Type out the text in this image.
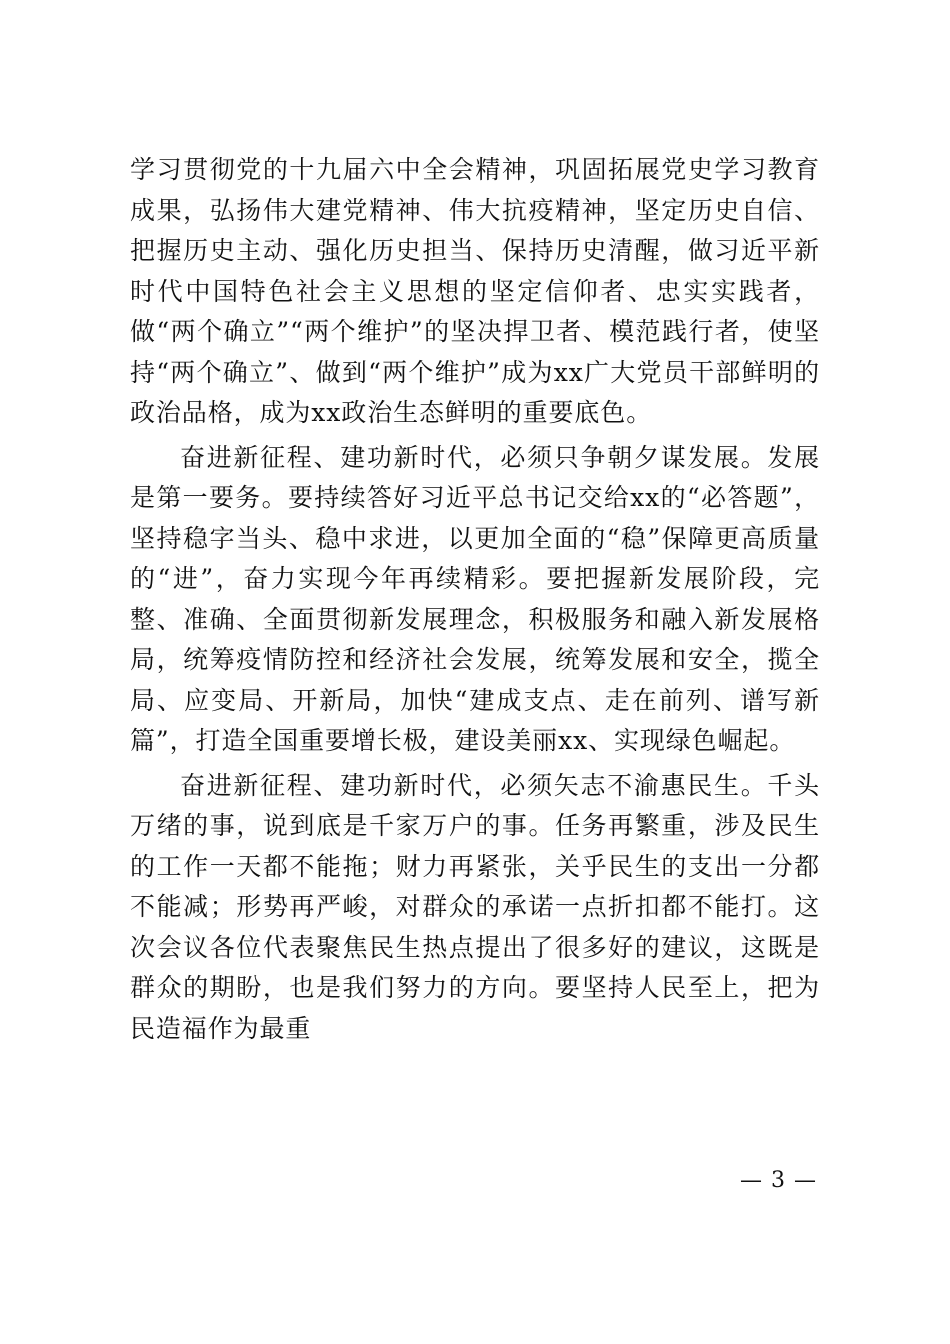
学习贯彻党的十九届六中全会精神，巩固拓展党史学习教育成果，弘扬伟大建党精神、伟大抗疫精神，坚定历史自信、把握历史主动、强化历史担当、保持历史清醒，做习近平新时代中国特色社会主义思想的坚定信仰者、忠实实践者，做“两个确立”“两个维护”的坚决捍卫者、模范践行者，使坚持“两个确立”、做到“两个维护”成为xx广大党员干部鲜明的政治品格，成为xx政治生态鲜明的重要底色。

奋进新征程、建功新时代，必须只争朝夕谋发展。发展是第一要务。要持续答好习近平总书记交给xx的“必答题”，坚持稳字当头、稳中求进，以更加全面的“稳”保障更高质量的“进”，奋力实现今年再续精彩。要把握新发展阶段，完整、准确、全面贯彻新发展理念，积极服务和融入新发展格局，统筹疫情防控和经济社会发展，统筹发展和安全，揽全局、应变局、开新局，加快“建成支点、走在前列、谱写新篇”，打造全国重要增长极，建设美丽xx、实现绿色崛起。

奋进新征程、建功新时代，必须矢志不渝惠民生。千头万绪的事，说到底是千家万户的事。任务再繁重，涉及民生的工作一天都不能拖；财力再紧张，关乎民生的支出一分都不能减；形势再严峻，对群众的承诺一点折扣都不能打。这次会议各位代表聚焦民生热点提出了很多好的建议，这既是群众的期盼，也是我们努力的方向。要坚持人民至上，把为民造福作为最重

— 3 —
